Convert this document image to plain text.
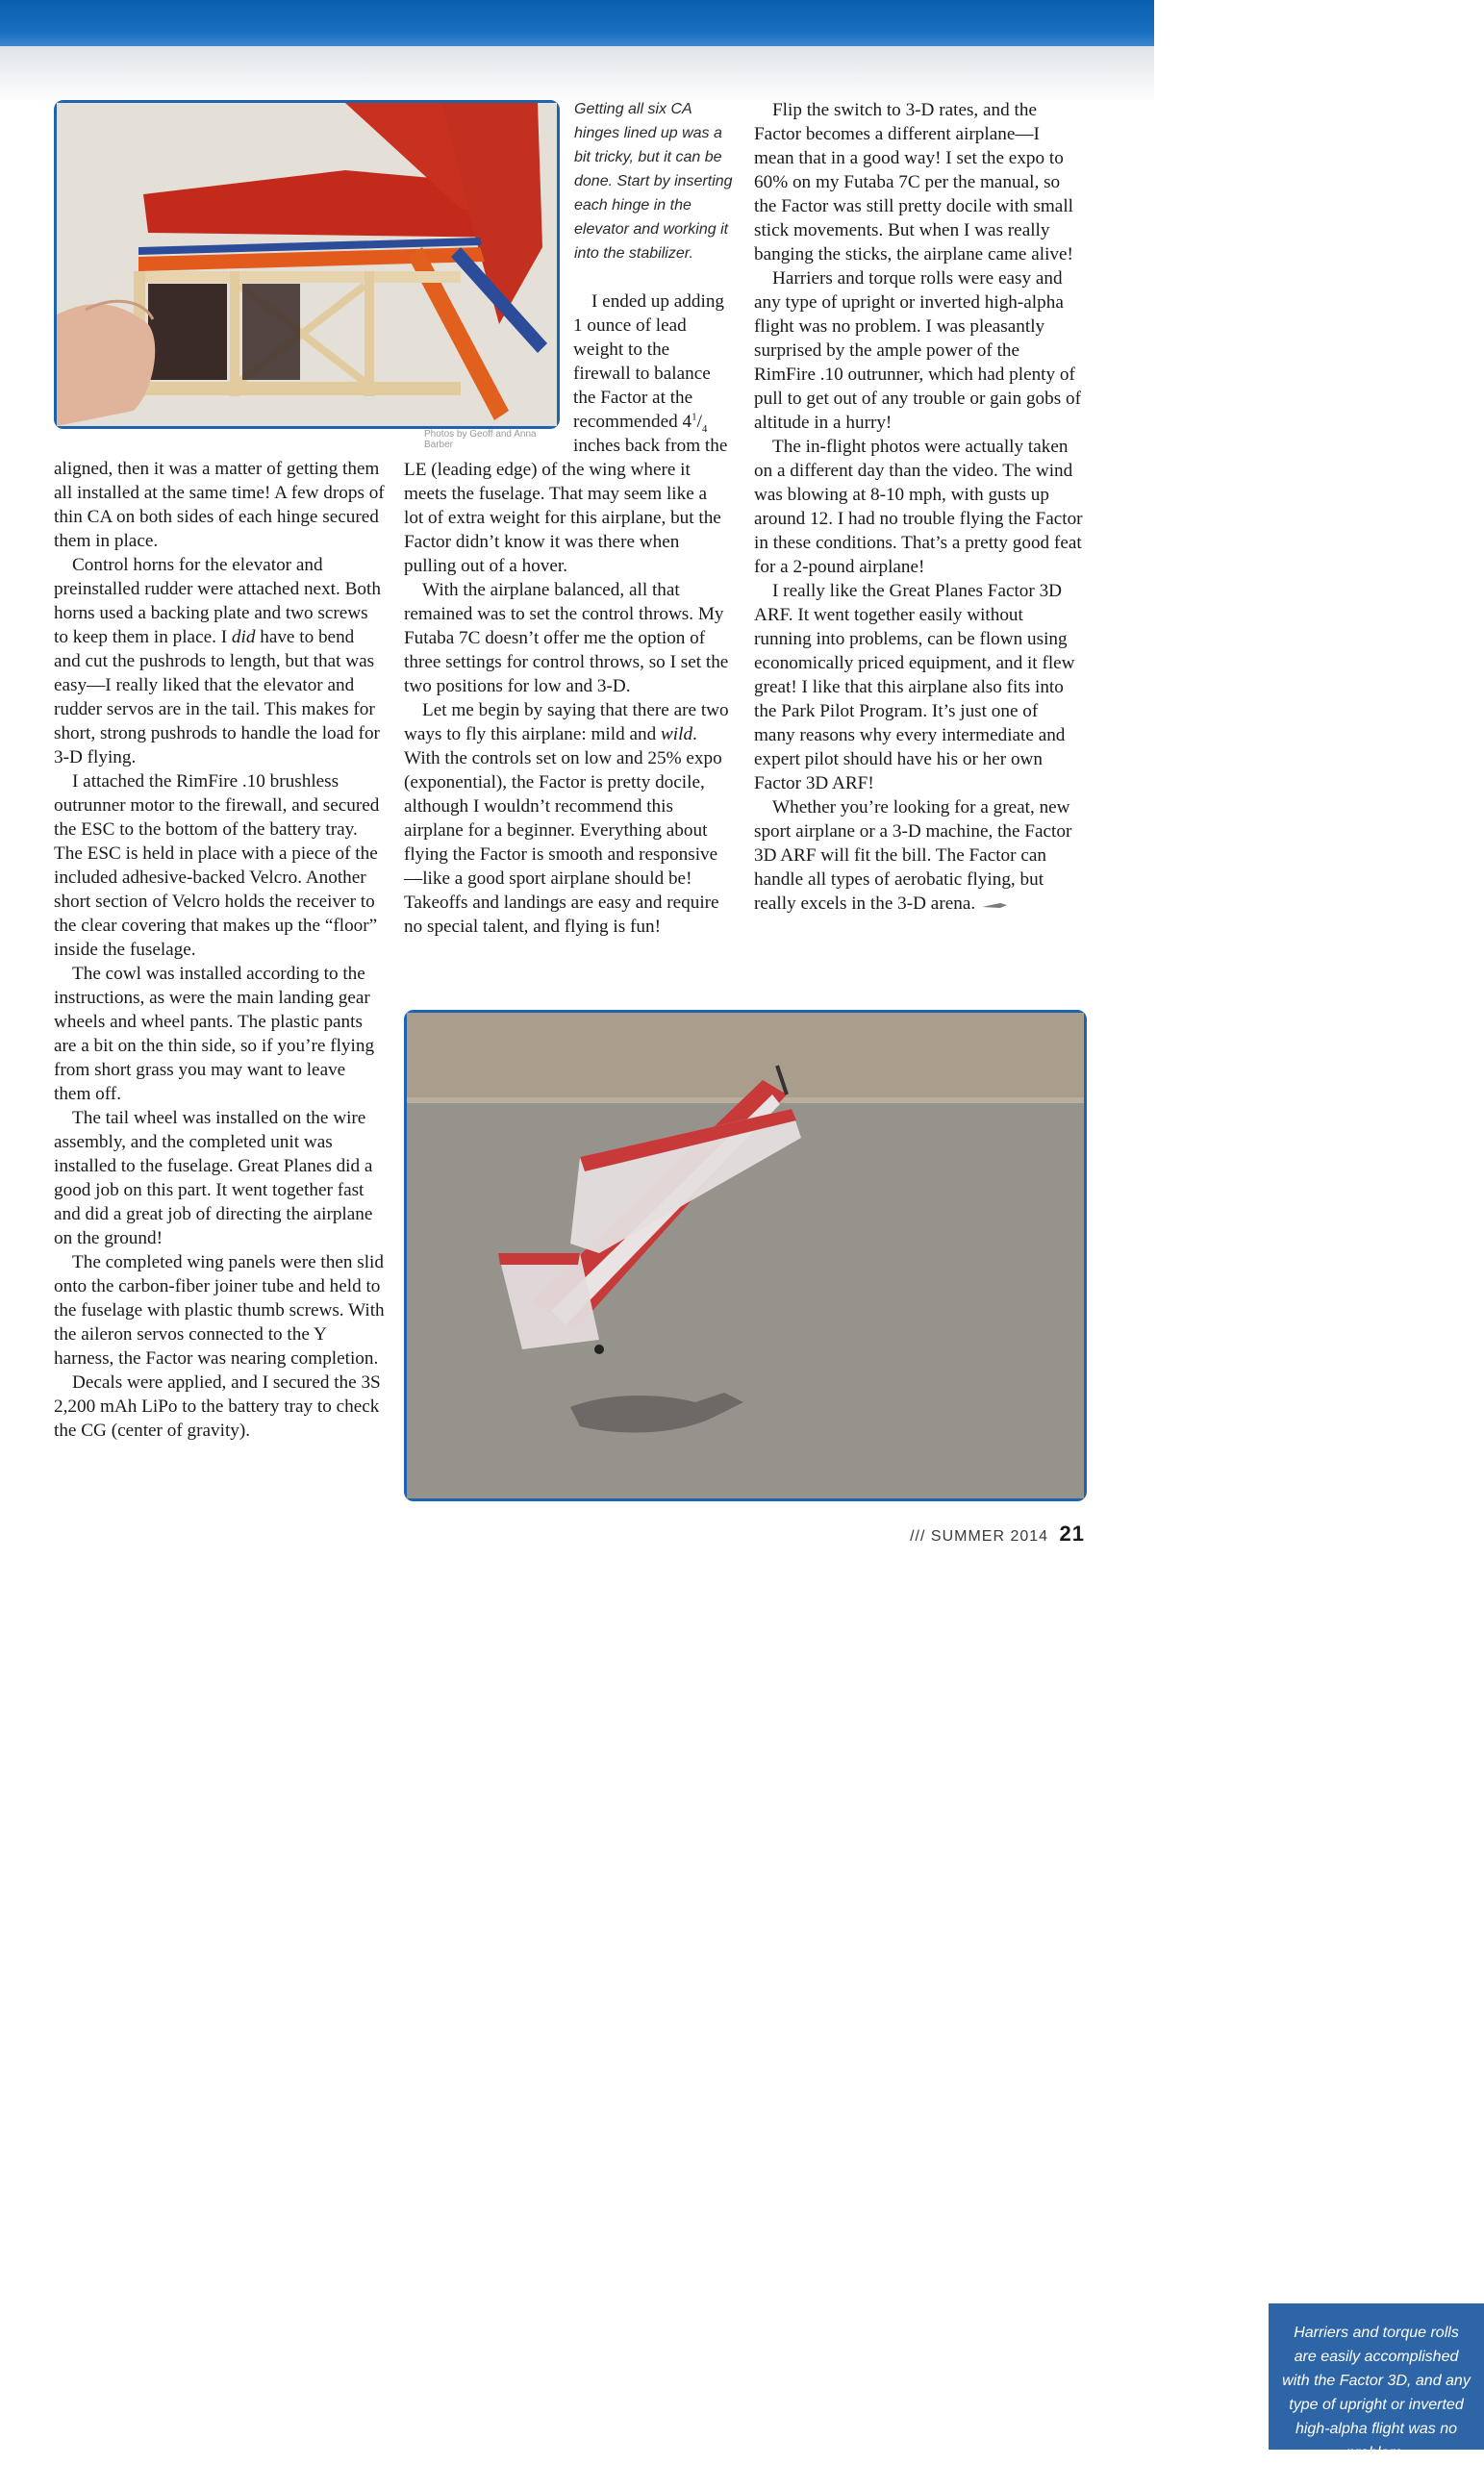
Photos by Geoff and Anna Barber
Getting all six CA hinges lined up was a bit tricky, but it can be done. Start by inserting each hinge in the elevator and working it into the stabilizer.

aligned, then it was a matter of getting them all installed at the same time! A few drops of thin CA on both sides of each hinge secured them in place.

Control horns for the elevator and preinstalled rudder were attached next. Both horns used a backing plate and two screws to keep them in place. I did have to bend and cut the pushrods to length, but that was easy—I really liked that the elevator and rudder servos are in the tail. This makes for short, strong pushrods to handle the load for 3-D flying.

I attached the RimFire .10 brushless outrunner motor to the firewall, and secured the ESC to the bottom of the battery tray. The ESC is held in place with a piece of the included adhesive-backed Velcro. Another short section of Velcro holds the receiver to the clear covering that makes up the “floor” inside the fuselage.

The cowl was installed according to the instructions, as were the main landing gear wheels and wheel pants. The plastic pants are a bit on the thin side, so if you’re flying from short grass you may want to leave them off.

The tail wheel was installed on the wire assembly, and the completed unit was installed to the fuselage. Great Planes did a good job on this part. It went together fast and did a great job of directing the airplane on the ground!

The completed wing panels were then slid onto the carbon-fiber joiner tube and held to the fuselage with plastic thumb screws. With the aileron servos connected to the Y harness, the Factor was nearing completion.

Decals were applied, and I secured the 3S 2,200 mAh LiPo to the battery tray to check the CG (center of gravity).

I ended up adding 1 ounce of lead weight to the firewall to balance the Factor at the recommended $4^1/_4$ inches back from the LE (leading edge) of the wing where it meets the fuselage. That may seem like a lot of extra weight for this airplane, but the Factor didn’t know it was there when pulling out of a hover.

With the airplane balanced, all that remained was to set the control throws. My Futaba 7C doesn’t offer me the option of three settings for control throws, so I set the two positions for low and 3-D.

Let me begin by saying that there are two ways to fly this airplane: mild and wild. With the controls set on low and 25% expo (exponential), the Factor is pretty docile, although I wouldn’t recommend this airplane for a beginner. Everything about flying the Factor is smooth and responsive—like a good sport airplane should be! Takeoffs and landings are easy and require no special talent, and flying is fun!

Flip the switch to 3-D rates, and the Factor becomes a different airplane—I mean that in a good way! I set the expo to 60% on my Futaba 7C per the manual, so the Factor was still pretty docile with small stick movements. But when I was really banging the sticks, the airplane came alive!

Harriers and torque rolls were easy and any type of upright or inverted high-alpha flight was no problem. I was pleasantly surprised by the ample power of the RimFire .10 outrunner, which had plenty of pull to get out of any trouble or gain gobs of altitude in a hurry!

The in-flight photos were actually taken on a different day than the video. The wind was blowing at 8-10 mph, with gusts up around 12. I had no trouble flying the Factor in these conditions. That’s a pretty good feat for a 2-pound airplane!

I really like the Great Planes Factor 3D ARF. It went together easily without running into problems, can be flown using economically priced equipment, and it flew great! I like that this airplane also fits into the Park Pilot Program. It’s just one of many reasons why every intermediate and expert pilot should have his or her own Factor 3D ARF!

Whether you’re looking for a great, new sport airplane or a 3-D machine, the Factor 3D ARF will fit the bill. The Factor can handle all types of aerobatic flying, but really excels in the 3-D arena.

Harriers and torque rolls are easily accomplished with the Factor 3D, and any type of upright or inverted high-alpha flight was no problem.
/// SUMMER 2014 21
